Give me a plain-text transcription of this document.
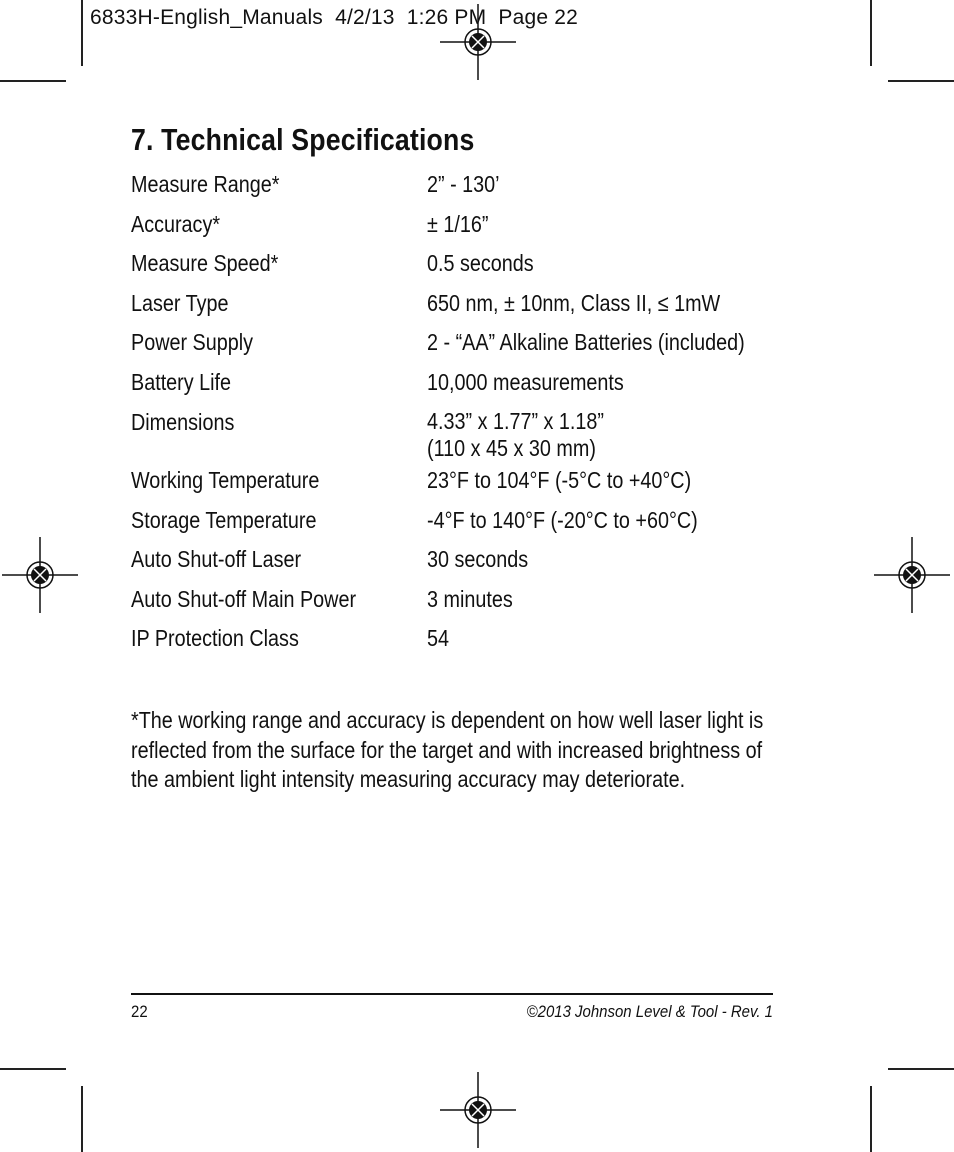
6833H-English_Manuals  4/2/13  1:26 PM  Page 22
7. Technical Specifications
Measure Range*	2” - 130’
Accuracy*	± 1/16”
Measure Speed*	0.5 seconds
Laser Type	650 nm, ± 10nm, Class II, ≤ 1mW
Power Supply	2 - “AA” Alkaline Batteries (included)
Battery Life	10,000 measurements
Dimensions	4.33” x 1.77” x 1.18”
(110 x 45 x 30 mm)
Working Temperature	23°F to 104°F (-5°C to +40°C)
Storage Temperature	-4°F to 140°F (-20°C to +60°C)
Auto Shut-off Laser	30 seconds
Auto Shut-off Main Power	3 minutes
IP Protection Class	54

*The working range and accuracy is dependent on how well laser light is reflected from the surface for the target and with increased brightness of the ambient light intensity measuring accuracy may deteriorate.

22	©2013 Johnson Level & Tool - Rev. 1
